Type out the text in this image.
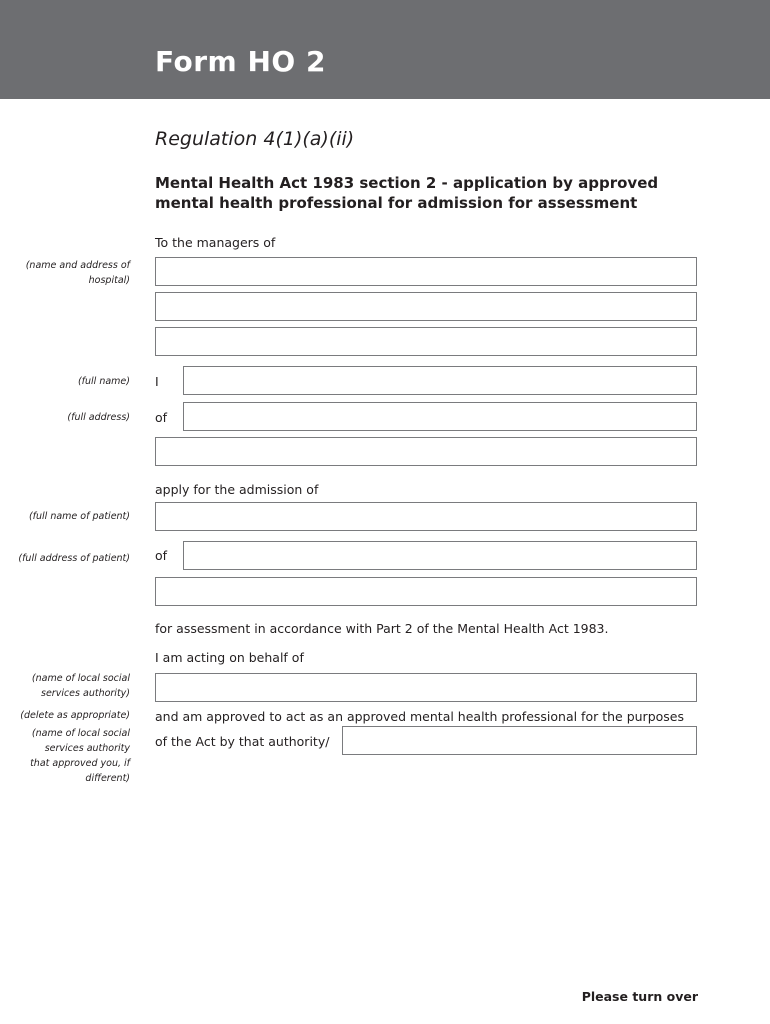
Form HO 2
Regulation 4(1)(a)(ii)
Mental Health Act 1983 section 2 - application by approved mental health professional for admission for assessment
To the managers of
(name and address of hospital)
(full name) I
(full address) of
apply for the admission of
(full name of patient)
(full address of patient) of
for assessment in accordance with Part 2 of the Mental Health Act 1983.
I am acting on behalf of
(name of local social services authority)
(delete as appropriate) and am approved to act as an approved mental health professional for the purposes
(name of local social services authority that approved you, if different)
of the Act by that authority/
Please turn over
